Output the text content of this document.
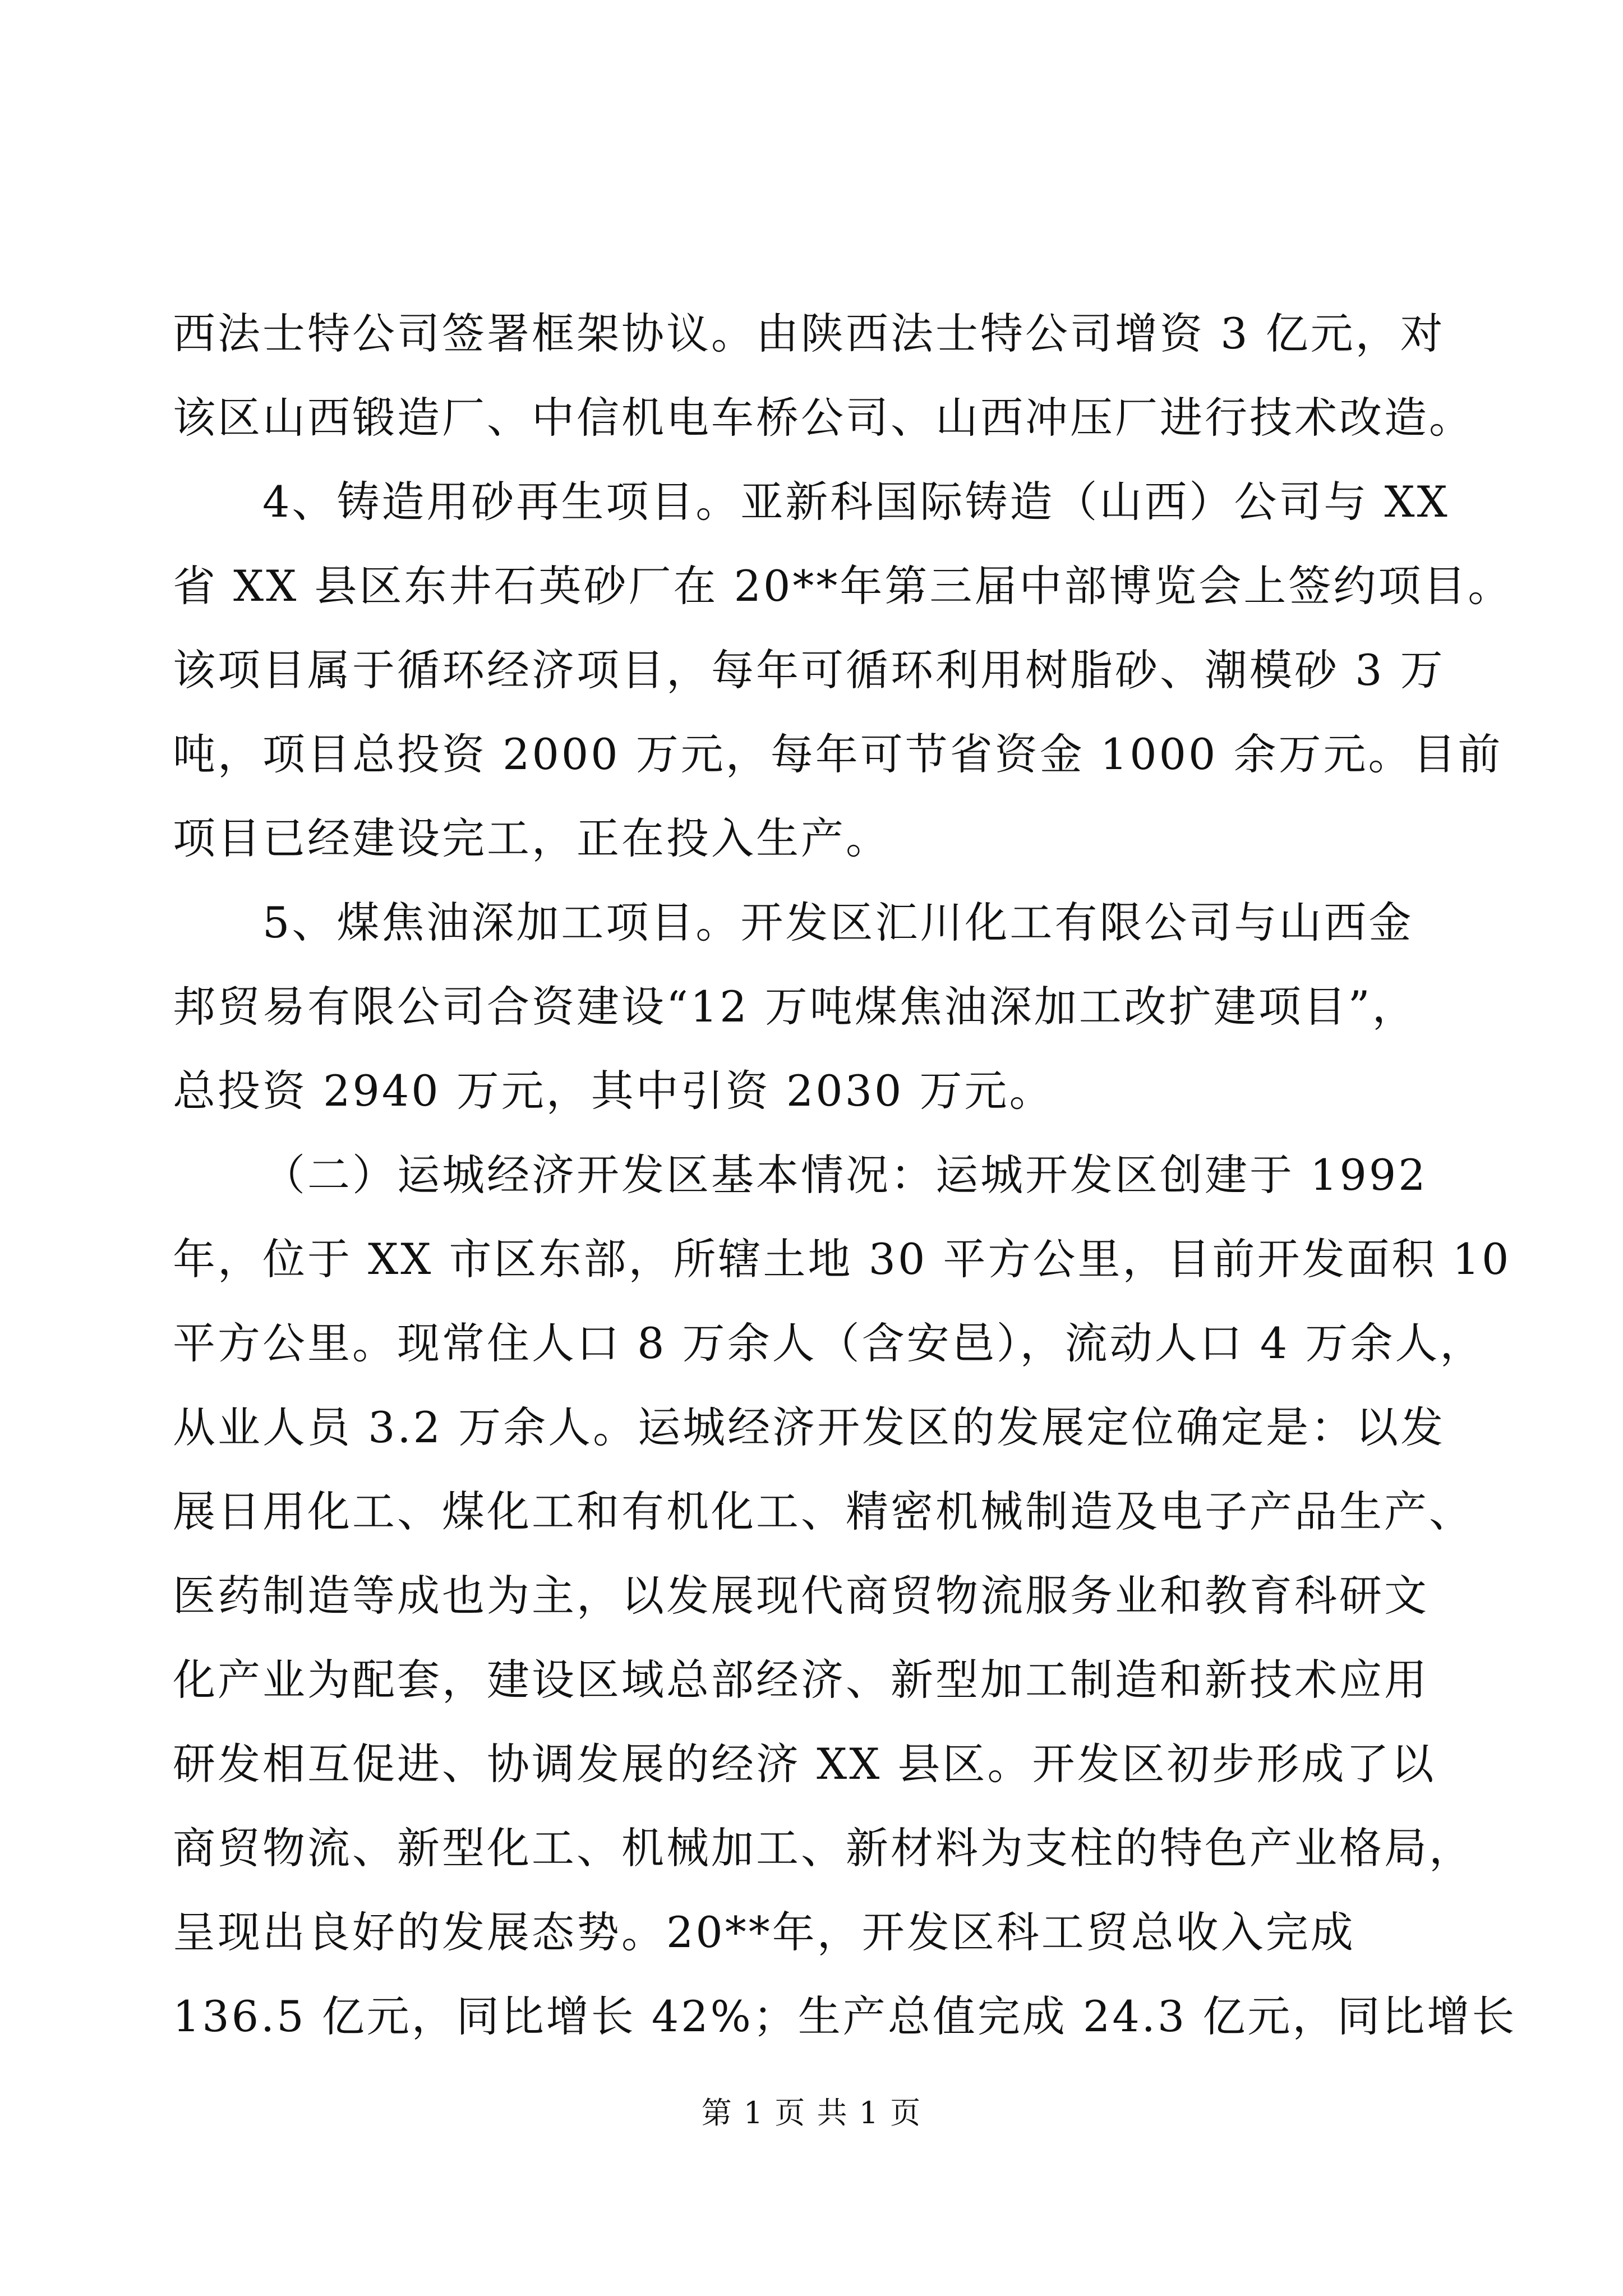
西法士特公司签署框架协议。由陕西法士特公司增资 3 亿元，对
该区山西锻造厂、中信机电车桥公司、山西冲压厂进行技术改造。

4、铸造用砂再生项目。亚新科国际铸造（山西）公司与 XX
省 XX 县区东井石英砂厂在 20**年第三届中部博览会上签约项目。
该项目属于循环经济项目，每年可循环利用树脂砂、潮模砂 3 万
吨，项目总投资 2000 万元，每年可节省资金 1000 余万元。目前
项目已经建设完工，正在投入生产。

5、煤焦油深加工项目。开发区汇川化工有限公司与山西金
邦贸易有限公司合资建设“12 万吨煤焦油深加工改扩建项目”，
总投资 2940 万元，其中引资 2030 万元。

（二）运城经济开发区基本情况：运城开发区创建于 1992
年，位于 XX 市区东部，所辖土地 30 平方公里，目前开发面积 10
平方公里。现常住人口 8 万余人（含安邑），流动人口 4 万余人，
从业人员 3.2 万余人。运城经济开发区的发展定位确定是：以发
展日用化工、煤化工和有机化工、精密机械制造及电子产品生产、
医药制造等成也为主，以发展现代商贸物流服务业和教育科研文
化产业为配套，建设区域总部经济、新型加工制造和新技术应用
研发相互促进、协调发展的经济 XX 县区。开发区初步形成了以
商贸物流、新型化工、机械加工、新材料为支柱的特色产业格局，
呈现出良好的发展态势。20**年，开发区科工贸总收入完成
136.5 亿元，同比增长 42%；生产总值完成 24.3 亿元，同比增长

第 1 页 共 1 页
